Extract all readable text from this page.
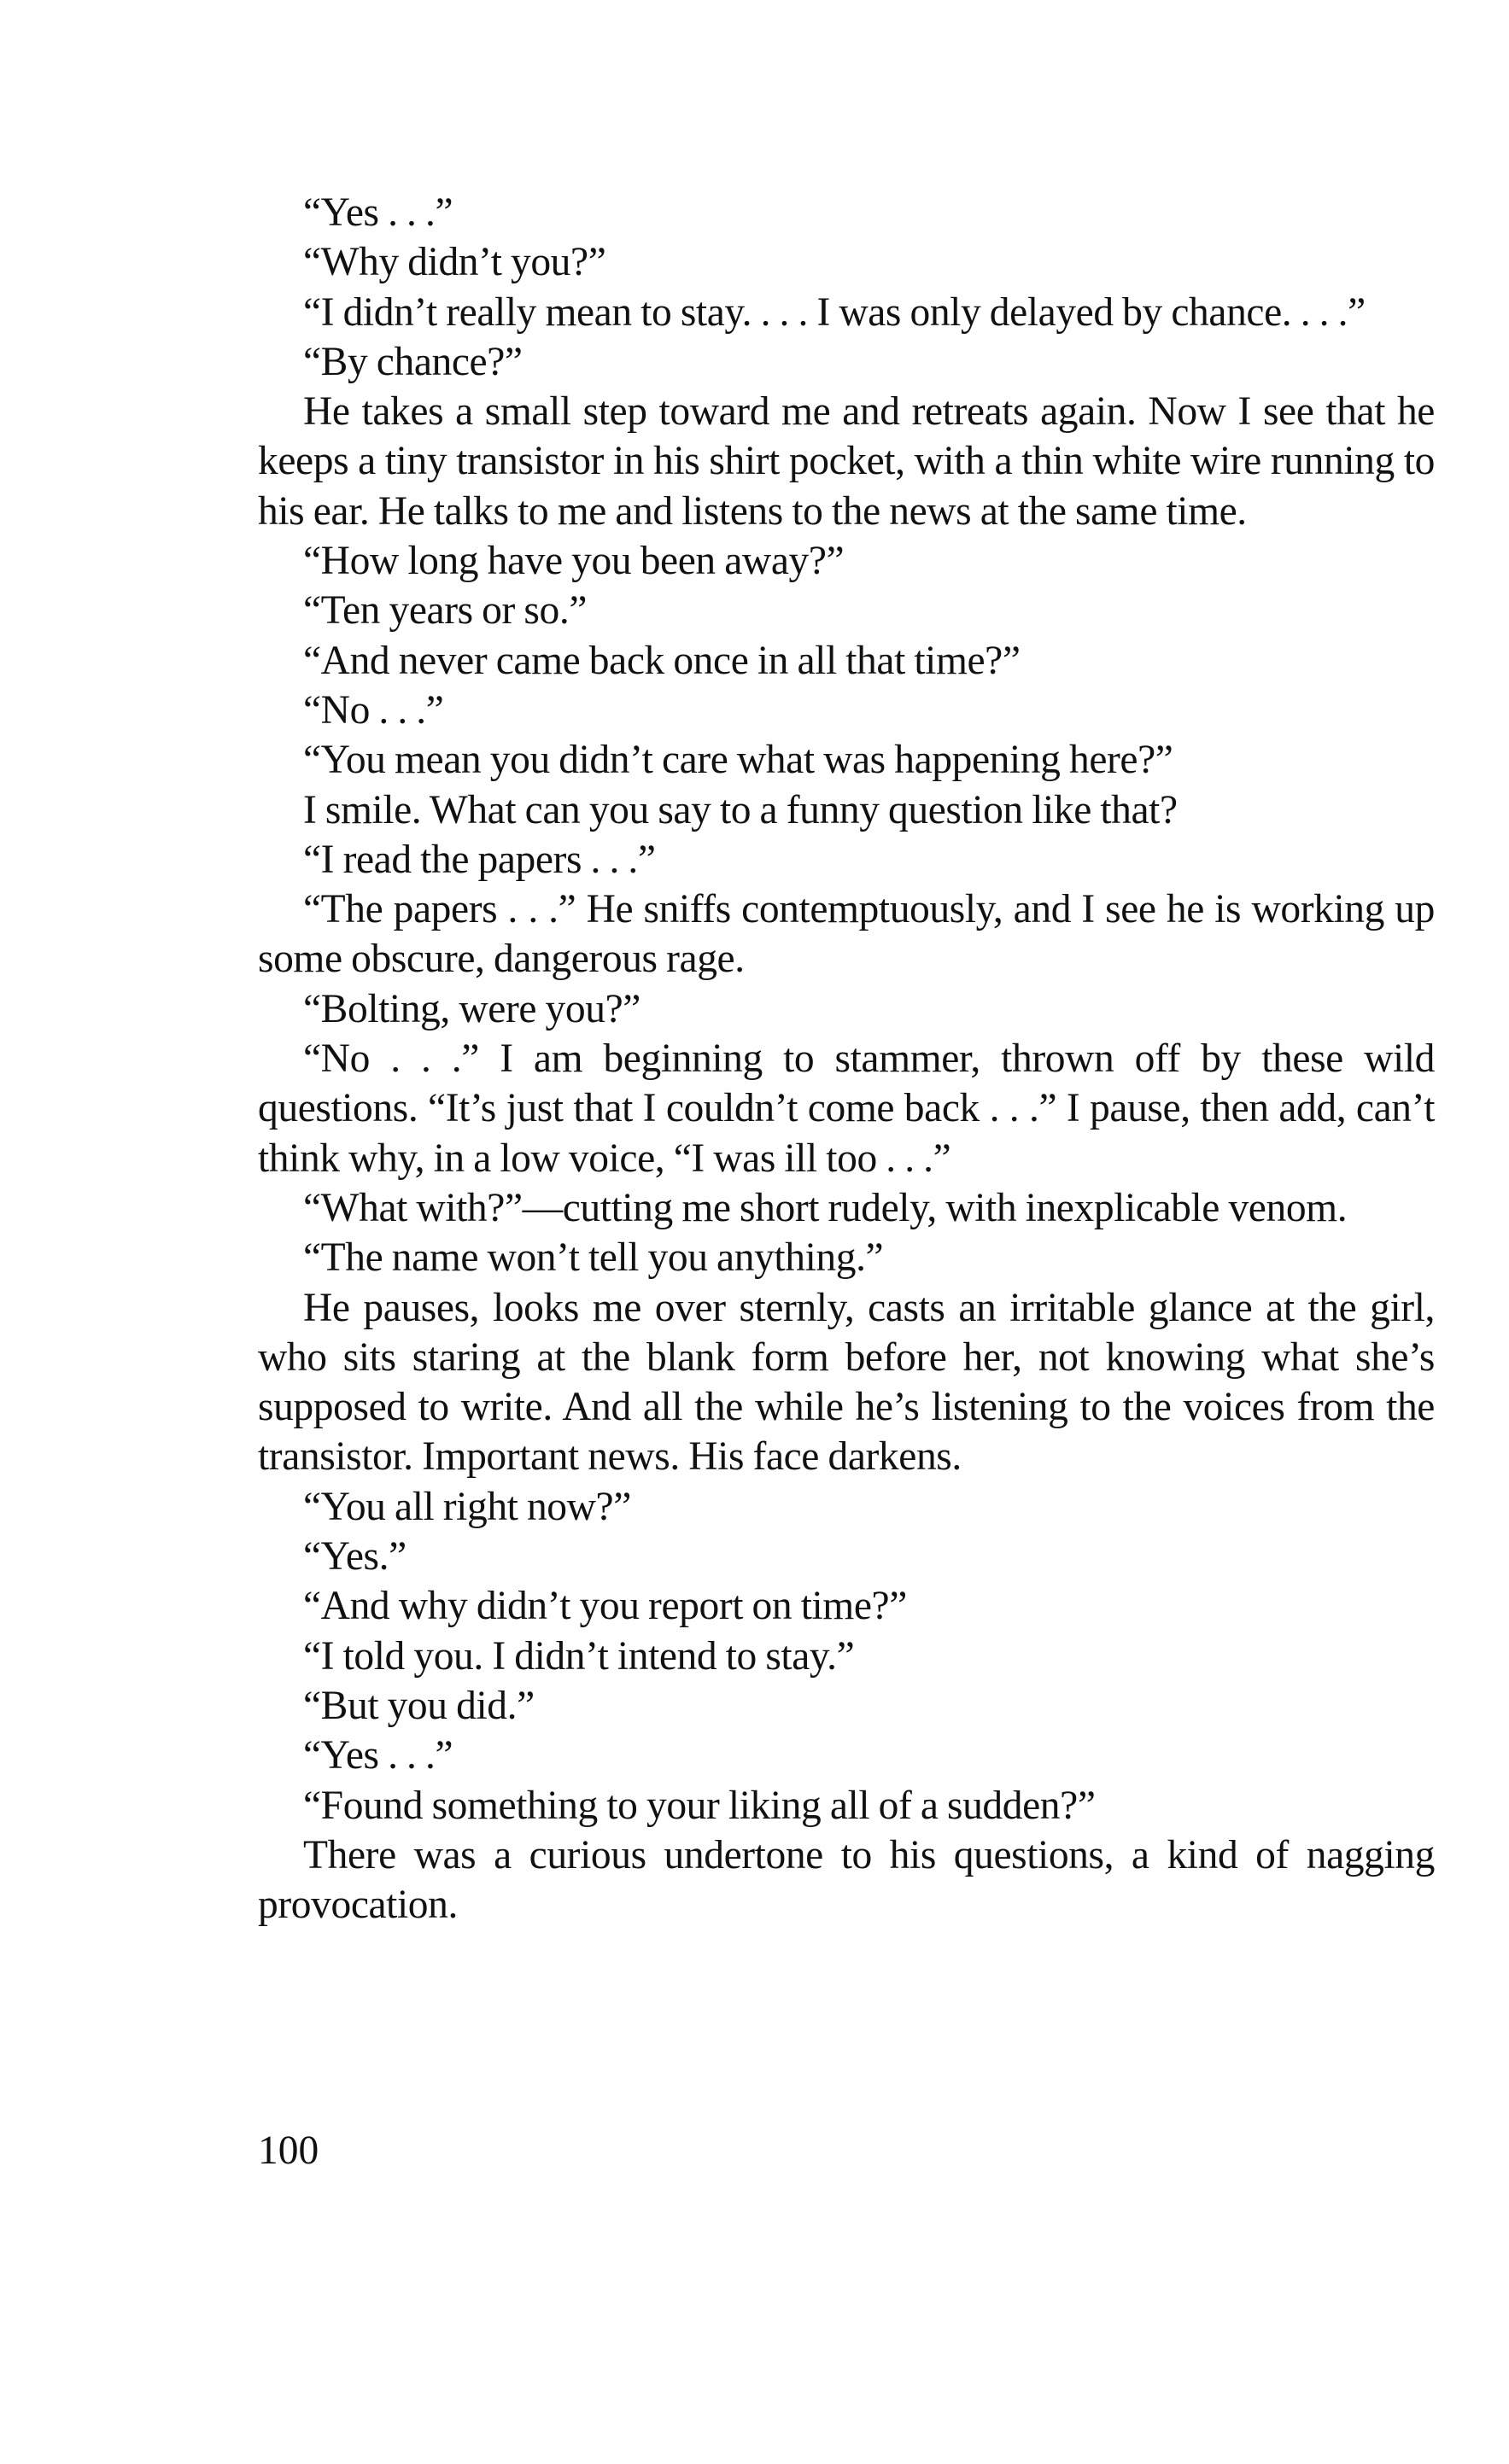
“Yes . . .”

“Why didn’t you?”

“I didn’t really mean to stay. . . . I was only delayed by chance. . . .”

“By chance?”

He takes a small step toward me and retreats again. Now I see that he keeps a tiny transistor in his shirt pocket, with a thin white wire running to his ear. He talks to me and listens to the news at the same time.

“How long have you been away?”

“Ten years or so.”

“And never came back once in all that time?”

“No . . .”

“You mean you didn’t care what was happening here?”

I smile. What can you say to a funny question like that?

“I read the papers . . .”

“The papers . . .” He sniffs contemptuously, and I see he is working up some obscure, dangerous rage.

“Bolting, were you?”

“No . . .” I am beginning to stammer, thrown off by these wild questions. “It’s just that I couldn’t come back . . .” I pause, then add, can’t think why, in a low voice, “I was ill too . . .”

“What with?”—cutting me short rudely, with inexplicable venom.

“The name won’t tell you anything.”

He pauses, looks me over sternly, casts an irritable glance at the girl, who sits staring at the blank form before her, not knowing what she’s supposed to write. And all the while he’s listening to the voices from the transistor. Important news. His face darkens.

“You all right now?”

“Yes.”

“And why didn’t you report on time?”

“I told you. I didn’t intend to stay.”

“But you did.”

“Yes . . .”

“Found something to your liking all of a sudden?”

There was a curious undertone to his questions, a kind of nagging provocation.

100
